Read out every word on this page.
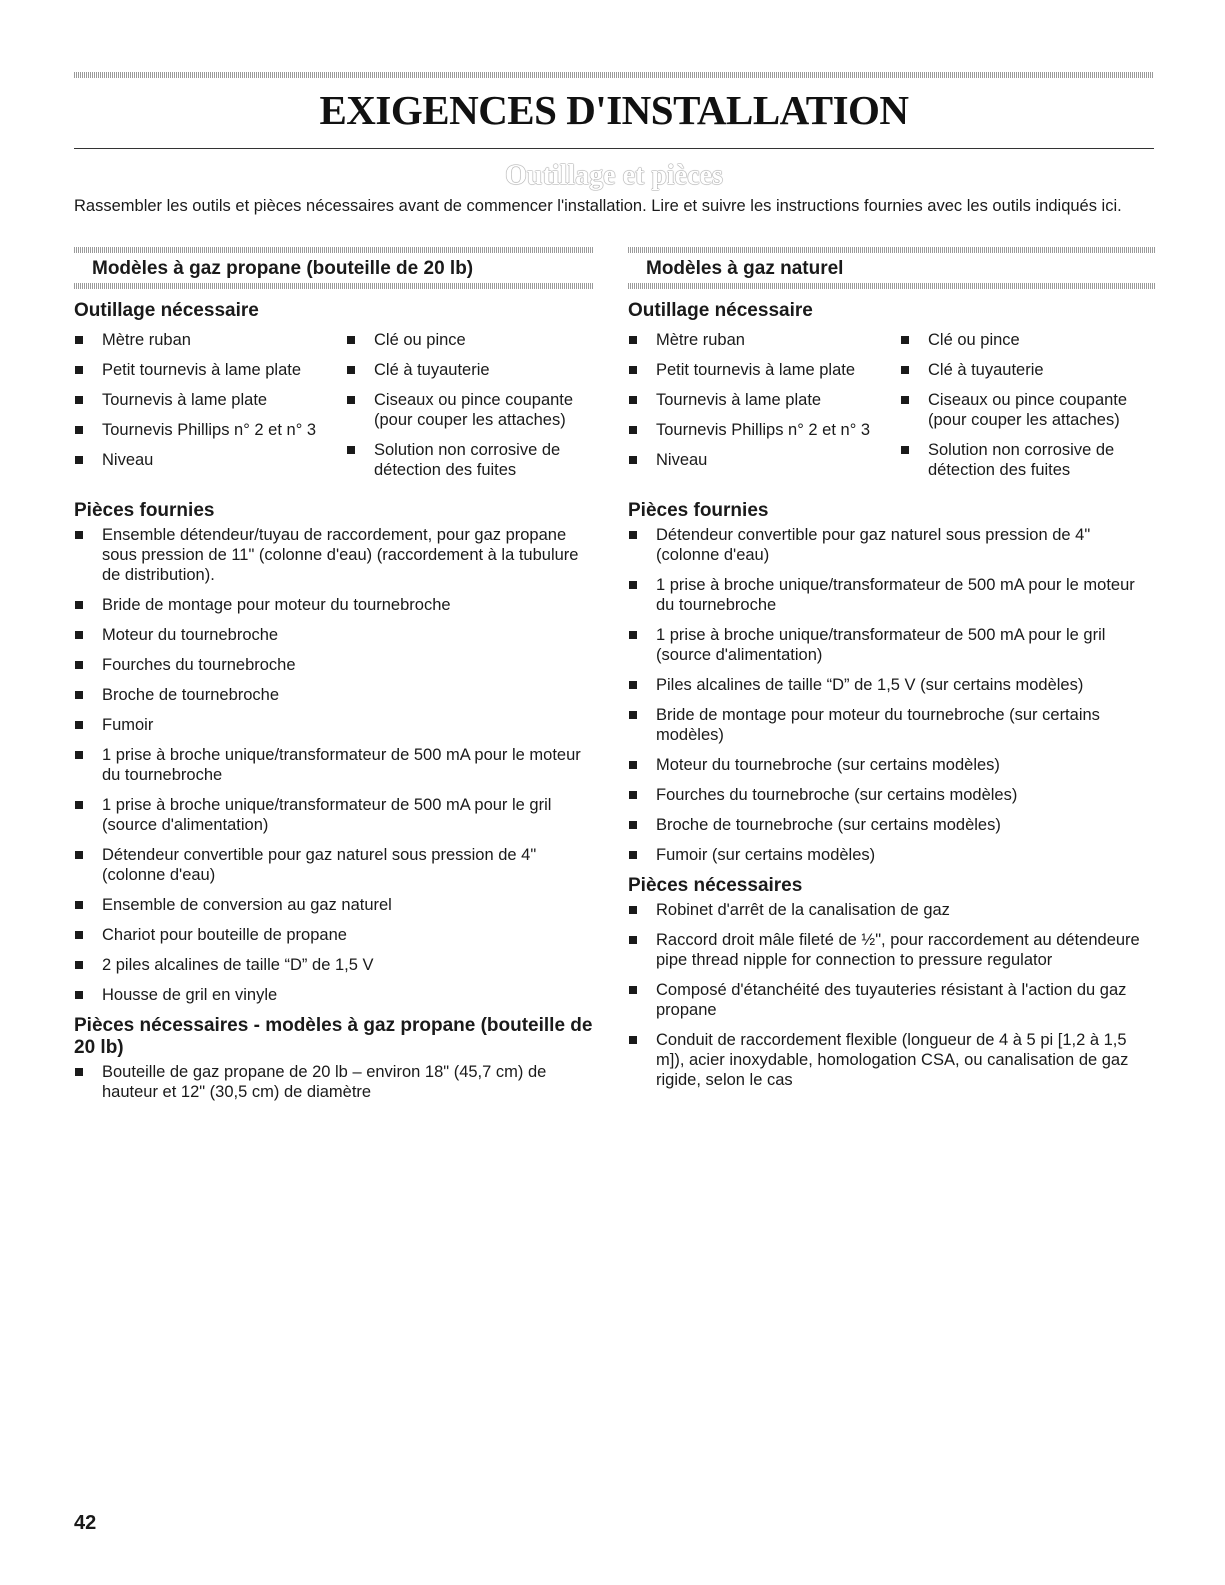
EXIGENCES D'INSTALLATION
Outillage et pièces

Rassembler les outils et pièces nécessaires avant de commencer l'installation. Lire et suivre les instructions fournies avec les outils indiqués ici.

Modèles à gaz propane (bouteille de 20 lb)
Outillage nécessaire
Mètre ruban
Petit tournevis à lame plate
Tournevis à lame plate
Tournevis Phillips n° 2 et n° 3
Niveau
Clé ou pince
Clé à tuyauterie
Ciseaux ou pince coupante (pour couper les attaches)
Solution non corrosive de détection des fuites
Pièces fournies
Ensemble détendeur/tuyau de raccordement, pour gaz propane sous pression de 11" (colonne d'eau) (raccordement à la tubulure de distribution).
Bride de montage pour moteur du tournebroche
Moteur du tournebroche
Fourches du tournebroche
Broche de tournebroche
Fumoir
1 prise à broche unique/transformateur de 500 mA pour le moteur du tournebroche
1 prise à broche unique/transformateur de 500 mA pour le gril (source d'alimentation)
Détendeur convertible pour gaz naturel sous pression de 4" (colonne d'eau)
Ensemble de conversion au gaz naturel
Chariot pour bouteille de propane
2 piles alcalines de taille “D” de 1,5 V
Housse de gril en vinyle
Pièces nécessaires - modèles à gaz propane (bouteille de 20 lb)
Bouteille de gaz propane de 20 lb – environ 18" (45,7 cm) de hauteur et 12" (30,5 cm) de diamètre
Modèles à gaz naturel
Outillage nécessaire
Mètre ruban
Petit tournevis à lame plate
Tournevis à lame plate
Tournevis Phillips n° 2 et n° 3
Niveau
Clé ou pince
Clé à tuyauterie
Ciseaux ou pince coupante (pour couper les attaches)
Solution non corrosive de détection des fuites
Pièces fournies
Détendeur convertible pour gaz naturel sous pression de 4" (colonne d'eau)
1 prise à broche unique/transformateur de 500 mA pour le moteur du tournebroche
1 prise à broche unique/transformateur de 500 mA pour le gril (source d'alimentation)
Piles alcalines de taille “D” de 1,5 V (sur certains modèles)
Bride de montage pour moteur du tournebroche (sur certains modèles)
Moteur du tournebroche (sur certains modèles)
Fourches du tournebroche (sur certains modèles)
Broche de tournebroche (sur certains modèles)
Fumoir (sur certains modèles)
Pièces nécessaires
Robinet d'arrêt de la canalisation de gaz
Raccord droit mâle fileté de ½", pour raccordement au détendeure pipe thread nipple for connection to pressure regulator
Composé d'étanchéité des tuyauteries résistant à l'action du gaz propane
Conduit de raccordement flexible (longueur de 4 à 5 pi [1,2 à 1,5 m]), acier inoxydable, homologation CSA, ou canalisation de gaz rigide, selon le cas
42
